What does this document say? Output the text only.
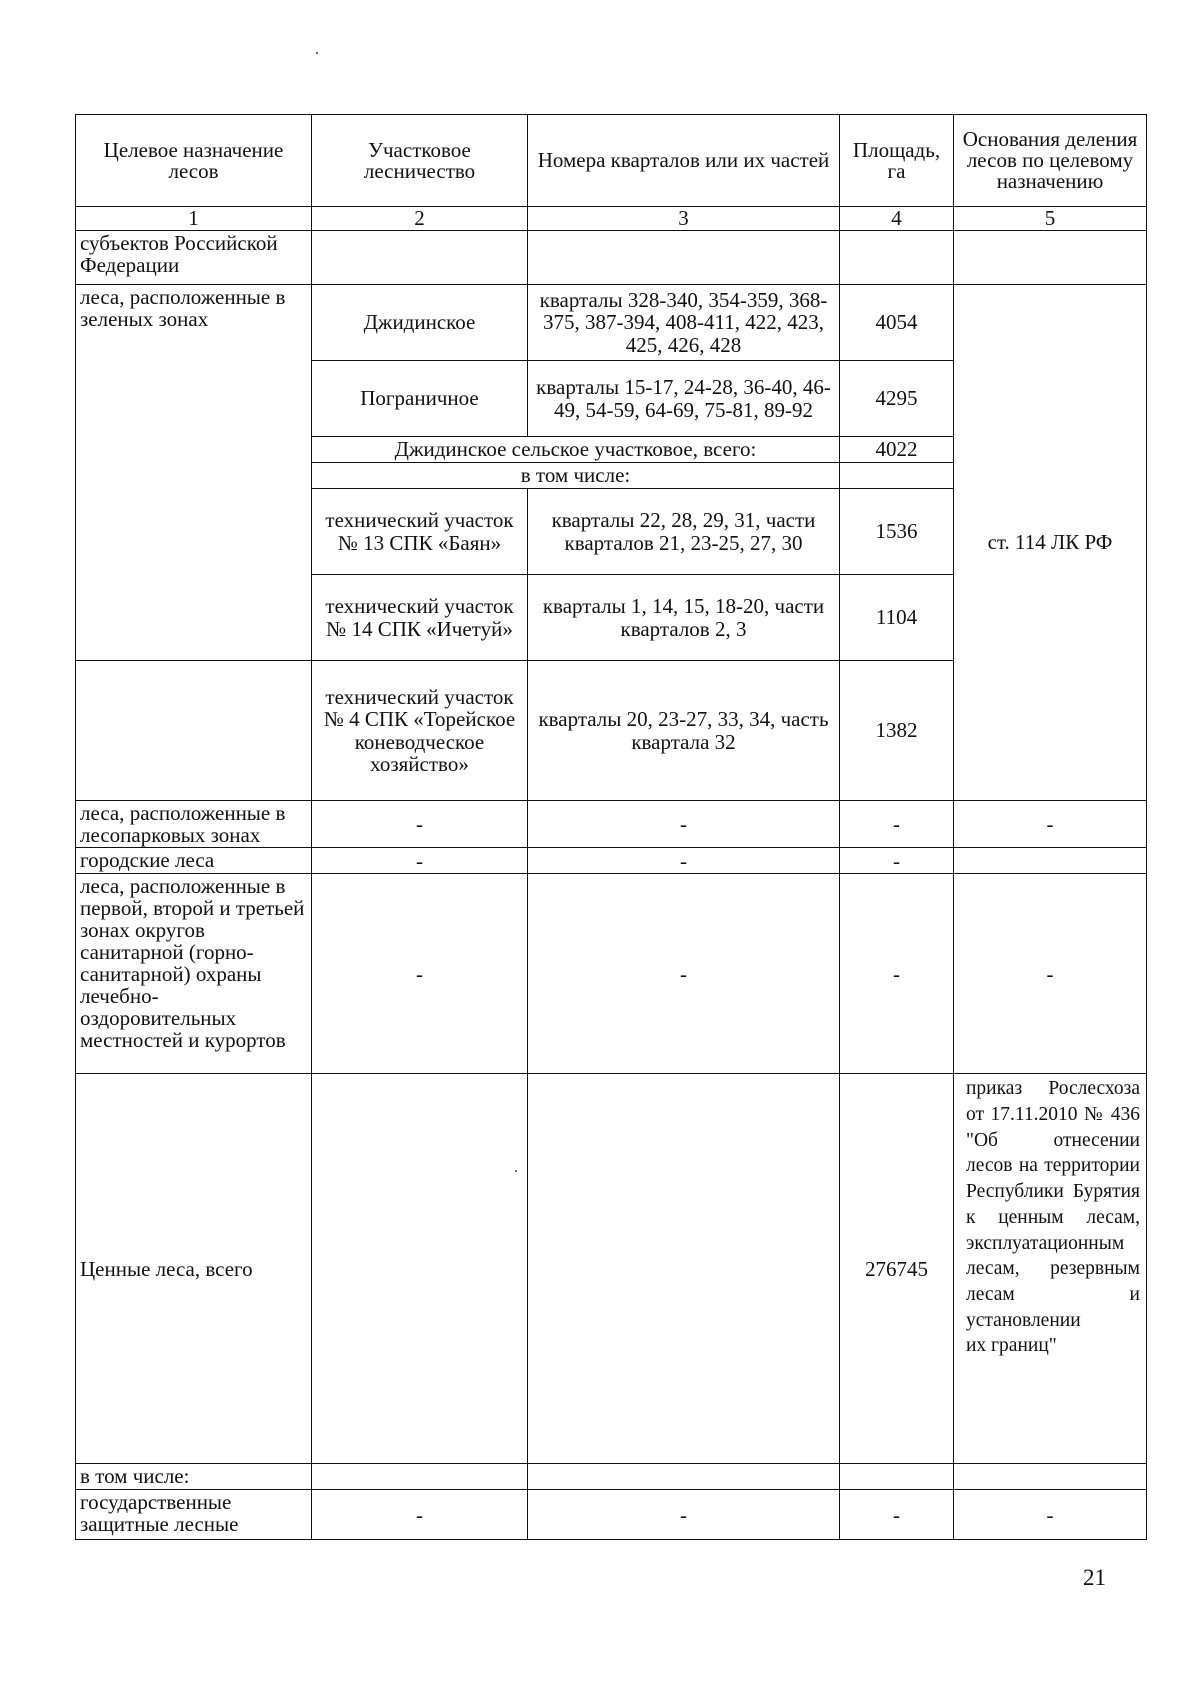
Целевое назначение лесов	Участковое лесничество	Номера кварталов или их частей	Площадь, га	Основания деления лесов по целевому назначению
1	2	3	4	5
субъектов Российской Федерации				
леса, расположенные в зеленых зонах	Джидинское	кварталы 328-340, 354-359, 368-375, 387-394, 408-411, 422, 423, 425, 426, 428	4054	ст. 114 ЛК РФ
	Пограничное	кварталы 15-17, 24-28, 36-40, 46-49, 54-59, 64-69, 75-81, 89-92	4295	
	Джидинское сельское участковое, всего:		4022	
	в том числе:			
	технический участок № 13 СПК «Баян»	кварталы 22, 28, 29, 31, части кварталов 21, 23-25, 27, 30	1536	
	технический участок № 14 СПК «Ичетуй»	кварталы 1, 14, 15, 18-20, части кварталов 2, 3	1104	
	технический участок № 4 СПК «Торейское коневодческое хозяйство»	кварталы 20, 23-27, 33, 34, часть квартала 32	1382	
леса, расположенные в лесопарковых зонах	-	-	-	-
городские леса	-	-	-	
леса, расположенные в первой, второй и третьей зонах округов санитарной (горно-санитарной) охраны лечебно-оздоровительных местностей и курортов	-	-	-	-
Ценные леса, всего			276745	приказ Рослесхоза от 17.11.2010 № 436 "Об отнесении лесов на территории Республики Бурятия к ценным лесам, эксплуатационным лесам, резервным лесам и установлении
их границ"

в том числе:				
государственные защитные лесные	-	-	-	-
21
